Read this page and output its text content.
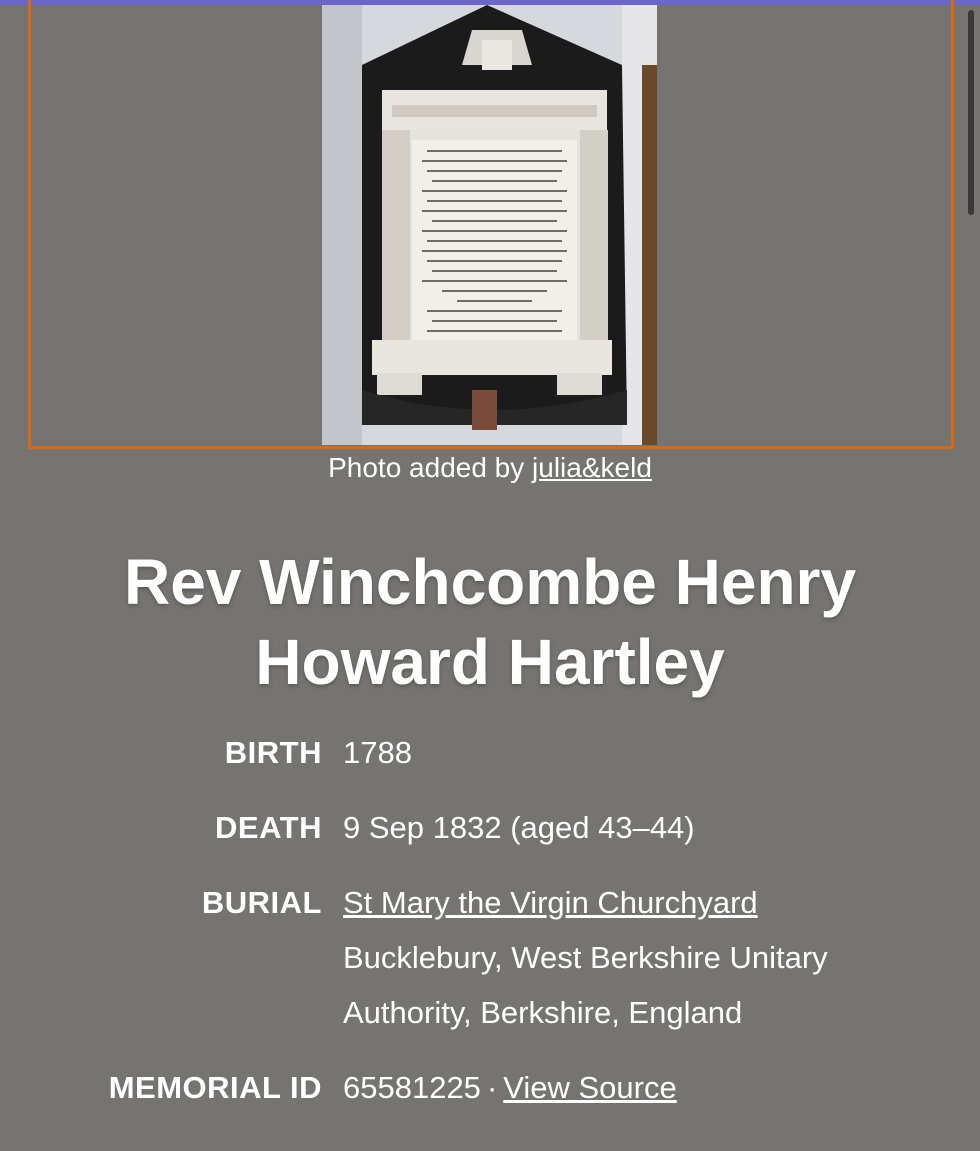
Photo added by julia&keld
Rev Winchcombe Henry
Howard Hartley
BIRTH 1788
DEATH 9 Sep 1832 (aged 43–44)
BURIAL St Mary the Virgin Churchyard
Bucklebury, West Berkshire Unitary
Authority, Berkshire, England
MEMORIAL ID 65581225 · View Source
